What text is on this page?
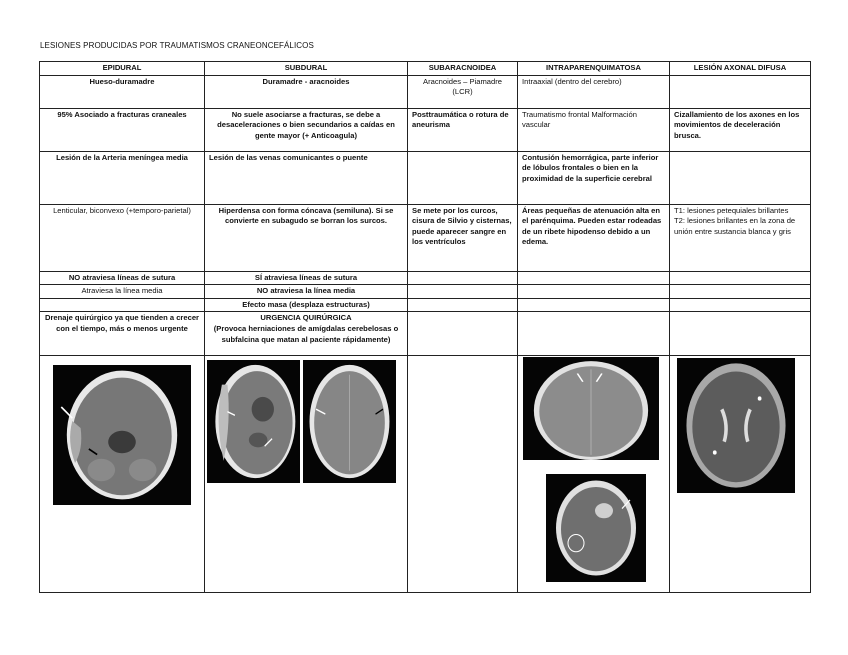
LESIONES PRODUCIDAS POR TRAUMATISMOS CRANEONCEFÁLICOS
EPIDURAL	SUBDURAL	SUBARACNOIDEA	INTRAPARENQUIMATOSA	LESIÓN AXONAL DIFUSA
Hueso-duramadre	Duramadre - aracnoides	Aracnoides – Piamadre (LCR)	Intraaxial (dentro del cerebro)	
95% Asociado a fracturas craneales	No suele asociarse a fracturas, se debe a desaceleraciones o bien secundarios a caídas en gente mayor (+ Anticoagula)	Posttraumática o rotura de aneurisma	Traumatismo frontal Malformación vascular	Cizallamiento de los axones en los movimientos de deceleración brusca.
Lesión de la Arteria meníngea media	Lesión de las venas comunicantes o puente		Contusión hemorrágica, parte inferior de lóbulos frontales o bien en la proximidad de la superficie cerebral	
Lenticular, biconvexo (+temporo-parietal)	Hiperdensa con forma cóncava (semiluna). Si se convierte en subagudo se borran los surcos.	Se mete por los curcos, cisura de Silvio y cisternas, puede aparecer sangre en los ventrículos	Áreas pequeñas de atenuación alta en el parénquima. Pueden estar rodeadas de un ribete hipodenso debido a un edema.	T1: lesiones petequiales brillantes
T2: lesiones brillantes en la zona de unión entre sustancia blanca y gris
NO atraviesa líneas de sutura	SÍ atraviesa líneas de sutura			
Atraviesa la línea media	NO atraviesa la línea media			
	Efecto masa (desplaza estructuras)			
Drenaje quirúrgico ya que tienden a crecer con el tiempo, más o menos urgente	URGENCIA QUIRÚRGICA
(Provoca herniaciones de amígdalas cerebelosas o subfalcina que matan al paciente rápidamente)			
